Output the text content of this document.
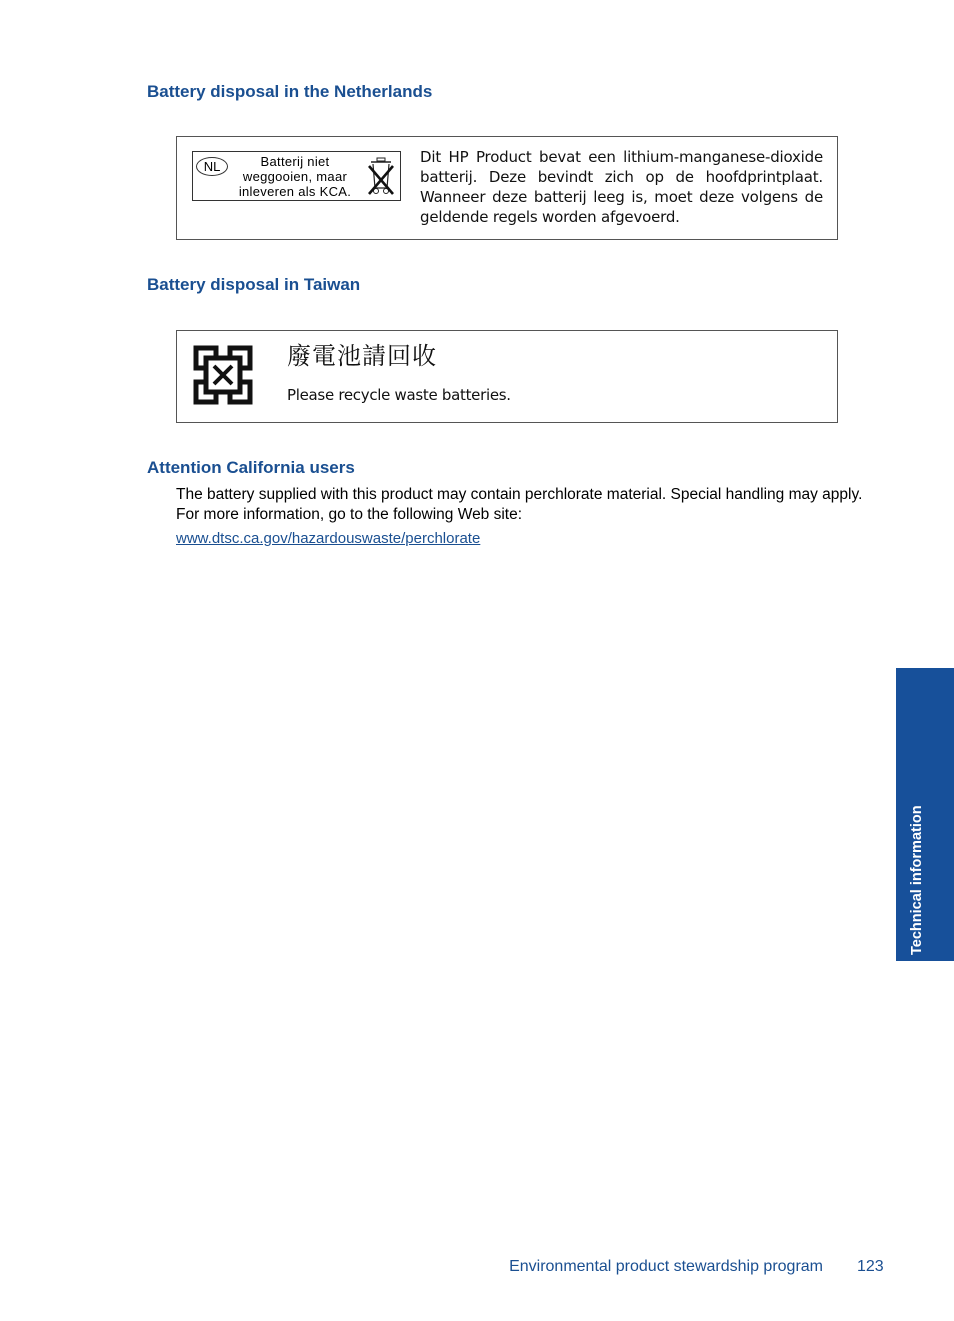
Battery disposal in the Netherlands
NL	Batterij niet
weggooien, maar
inleveren als KCA.

Dit HP Product bevat een lithium-manganese-dioxide batterij. Deze bevindt zich op de hoofdprintplaat. Wanneer deze batterij leeg is, moet deze volgens de geldende regels worden afgevoerd.

Battery disposal in Taiwan

廢電池請回收

Please recycle waste batteries.

Attention California users
The battery supplied with this product may contain perchlorate material. Special handling may apply.
For more information, go to the following Web site:
www.dtsc.ca.gov/hazardouswaste/perchlorate
Technical information
Environmental product stewardship program 123
